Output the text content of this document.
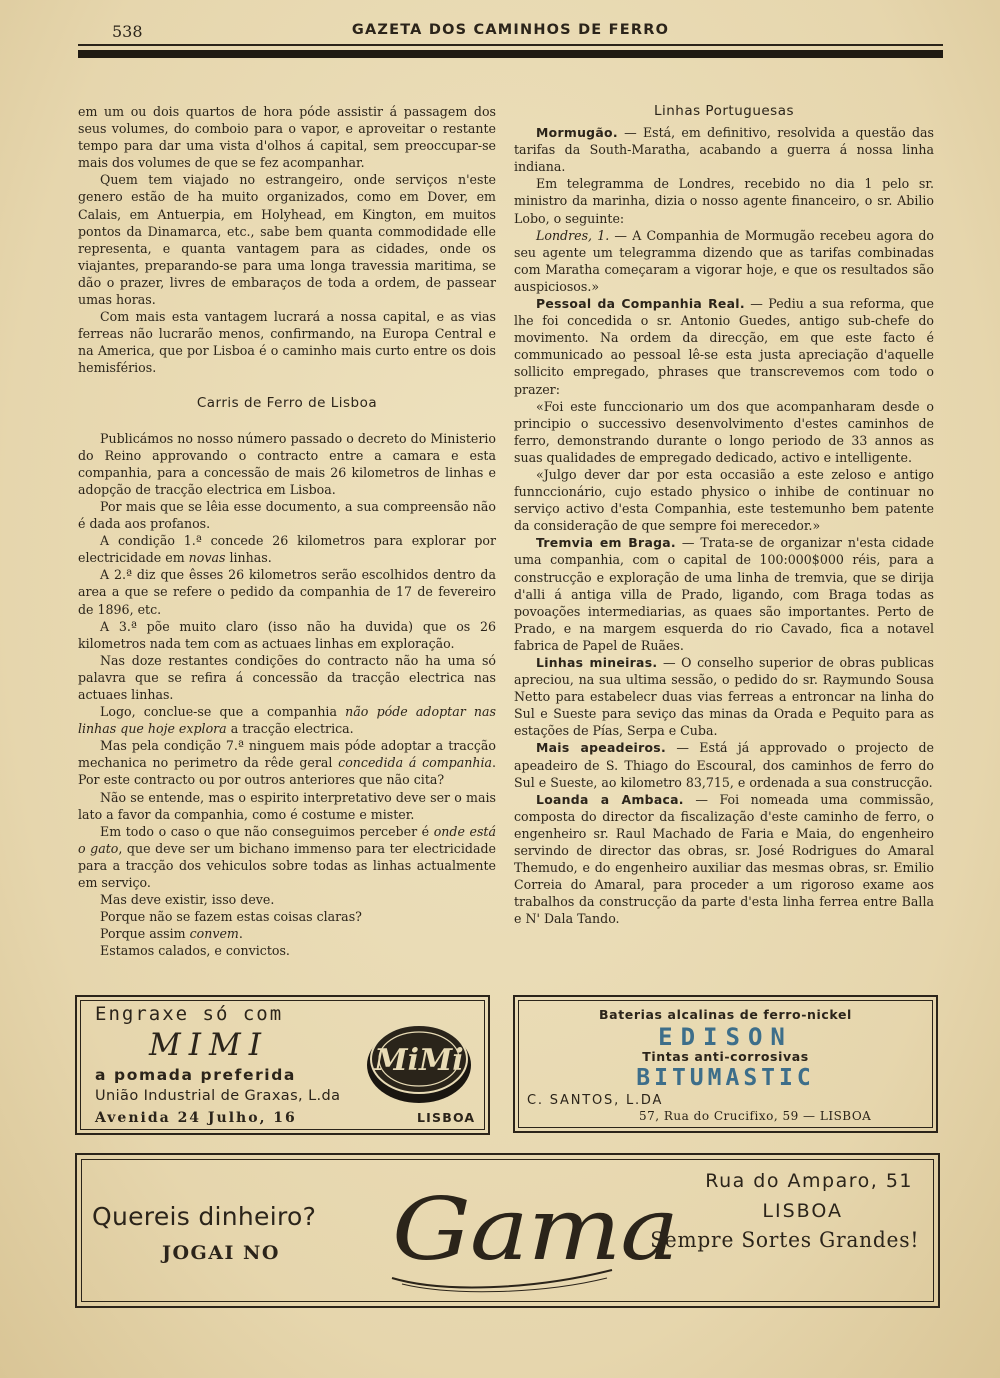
538	GAZETA DOS CAMINHOS DE FERRO

em um ou dois quartos de hora póde assistir á passagem dos seus volumes, do comboio para o vapor, e aproveitar o restante tempo para dar uma vista d'olhos á capital, sem preoccupar-se mais dos volumes de que se fez acompanhar.

Quem tem viajado no estrangeiro, onde serviços n'este genero estão de ha muito organizados, como em Dover, em Calais, em Antuerpia, em Holyhead, em Kington, em muitos pontos da Dinamarca, etc., sabe bem quanta commodidade elle representa, e quanta vantagem para as cidades, onde os viajantes, preparando-se para uma longa travessia maritima, se dão o prazer, livres de embaraços de toda a ordem, de passear umas horas.

Com mais esta vantagem lucrará a nossa capital, e as vias ferreas não lucrarão menos, confirmando, na Europa Central e na America, que por Lisboa é o caminho mais curto entre os dois hemisférios.

Carris de Ferro de Lisboa

Publicámos no nosso número passado o decreto do Ministerio do Reino approvando o contracto entre a camara e esta companhia, para a concessão de mais 26 kilometros de linhas e adopção de tracção electrica em Lisboa.

Por mais que se lêia esse documento, a sua compreensão não é dada aos profanos.

A condição 1.ª concede 26 kilometros para explorar por electricidade em novas linhas.

A 2.ª diz que êsses 26 kilometros serão escolhidos dentro da area a que se refere o pedido da companhia de 17 de fevereiro de 1896, etc.

A 3.ª põe muito claro (isso não ha duvida) que os 26 kilometros nada tem com as actuaes linhas em exploração.

Nas doze restantes condições do contracto não ha uma só palavra que se refira á concessão da tracção electrica nas actuaes linhas.

Logo, conclue-se que a companhia não póde adoptar nas linhas que hoje explora a tracção electrica.

Mas pela condição 7.ª ninguem mais póde adoptar a tracção mechanica no perimetro da rêde geral concedida á companhia. Por este contracto ou por outros anteriores que não cita?

Não se entende, mas o espirito interpretativo deve ser o mais lato a favor da companhia, como é costume e mister.

Em todo o caso o que não conseguimos perceber é onde está o gato, que deve ser um bichano immenso para ter electricidade para a tracção dos vehiculos sobre todas as linhas actualmente em serviço.

Mas deve existir, isso deve.

Porque não se fazem estas coisas claras?

Porque assim convem.

Estamos calados, e convictos.

Linhas Portuguesas

Mormugão. — Está, em definitivo, resolvida a questão das tarifas da South-Maratha, acabando a guerra á nossa linha indiana.

Em telegramma de Londres, recebido no dia 1 pelo sr. ministro da marinha, dizia o nosso agente financeiro, o sr. Abilio Lobo, o seguinte:

Londres, 1. — A Companhia de Mormugão recebeu agora do seu agente um telegramma dizendo que as tarifas combinadas com Maratha começaram a vigorar hoje, e que os resultados são auspiciosos.»

Pessoal da Companhia Real. — Pediu a sua reforma, que lhe foi concedida o sr. Antonio Guedes, antigo sub-chefe do movimento. Na ordem da direcção, em que este facto é communicado ao pessoal lê-se esta justa apreciação d'aquelle sollicito empregado, phrases que transcrevemos com todo o prazer:

«Foi este funccionario um dos que acompanharam desde o principio o successivo desenvolvimento d'estes caminhos de ferro, demonstrando durante o longo periodo de 33 annos as suas qualidades de empregado dedicado, activo e intelligente.

«Julgo dever dar por esta occasião a este zeloso e antigo funnccionário, cujo estado physico o inhibe de continuar no serviço activo d'esta Companhia, este testemunho bem patente da consideração de que sempre foi merecedor.»

Tremvia em Braga. — Trata-se de organizar n'esta cidade uma companhia, com o capital de 100:000$000 réis, para a construcção e exploração de uma linha de tremvia, que se dirija d'alli á antiga villa de Prado, ligando, com Braga todas as povoações intermediarias, as quaes são importantes. Perto de Prado, e na margem esquerda do rio Cavado, fica a notavel fabrica de Papel de Ruães.

Linhas mineiras. — O conselho superior de obras publicas apreciou, na sua ultima sessão, o pedido do sr. Raymundo Sousa Netto para estabelecr duas vias ferreas a entroncar na linha do Sul e Sueste para seviço das minas da Orada e Pequito para as estações de Pías, Serpa e Cuba.

Mais apeadeiros. — Está já approvado o projecto de apeadeiro de S. Thiago do Escoural, dos caminhos de ferro do Sul e Sueste, ao kilometro 83,715, e ordenada a sua construcção.

Loanda a Ambaca. — Foi nomeada uma commissão, composta do director da fiscalização d'este caminho de ferro, o engenheiro sr. Raul Machado de Faria e Maia, do engenheiro servindo de director das obras, sr. José Rodrigues do Amaral Themudo, e do engenheiro auxiliar das mesmas obras, sr. Emilio Correia do Amaral, para proceder a um rigoroso exame aos trabalhos da construcção da parte d'esta linha ferrea entre Balla e N' Dala Tando.

Engraxe só com
MIMI
a pomada preferida
União Industrial de Graxas, L.da
Avenida 24 Julho, 16	LISBOA
MiMi
Baterias alcalinas de ferro-nickel
EDISON
Tintas anti-corrosivas
BITUMASTIC
C. SANTOS, L.DA
57, Rua do Crucifixo, 59 — LISBOA
Quereis dinheiro?
JOGAI NO Gama Rua do Amparo, 51
LISBOA
Sempre Sortes Grandes!
